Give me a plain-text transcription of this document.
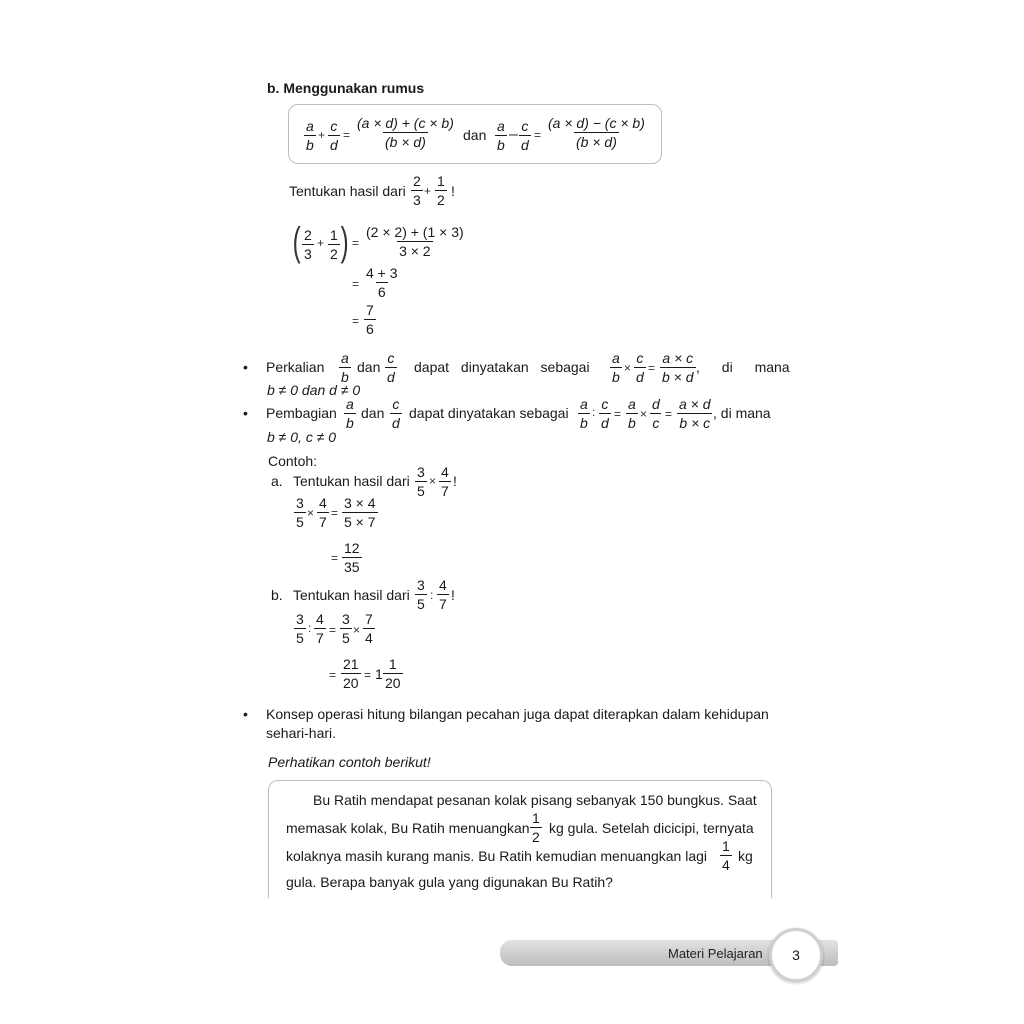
b. Menggunakan rumus
a
b
+
c
d
=
(a × d) + (c × b)
(b × d)	dan
a
b
– c
d
=
(a × d) − (c × b)
(b × d)
Tentukan hasil dari
2
3
+
1
2
!
( 2
3
+ 1
2 ) =
(2 × 2) + (1 × 3)
3 × 2
=
4 + 3
6
=
7
6
• Perkalian
a
b
dan
c
d
dapat dinyatakan sebagai
a
b
×
c
d
=
a × c
b × d
, di mana
b ≠ 0 dan d ≠ 0
• Pembagian
a
b
dan
c
d
dapat dinyatakan sebagai
a
b
: c
d
=
a
b
×
d
c
=
a × d
b × c
, di mana
b ≠ 0, c ≠ 0
Contoh:
a. Tentukan hasil dari
3
5
×
4
7
!
3
5
×
4
7
=
3 × 4
5 × 7
=
12
35
b. Tentukan hasil dari
3
5
:
4
7
!
3
5
:
4
7 =
3
5 ×
7
4
=
21
20 = 1
1
20
• Konsep operasi hitung bilangan pecahan juga dapat diterapkan dalam kehidupan
sehari-hari.
Perhatikan contoh berikut!
Bu Ratih mendapat pesanan kolak pisang sebanyak 150 bungkus. Saat
memasak kolak, Bu Ratih menuangkan
1
2
kg gula. Setelah dicicipi, ternyata
kolaknya masih kurang manis. Bu Ratih kemudian menuangkan lagi
1
4
kg
gula. Berapa banyak gula yang digunakan Bu Ratih?
Materi Pelajaran 3
